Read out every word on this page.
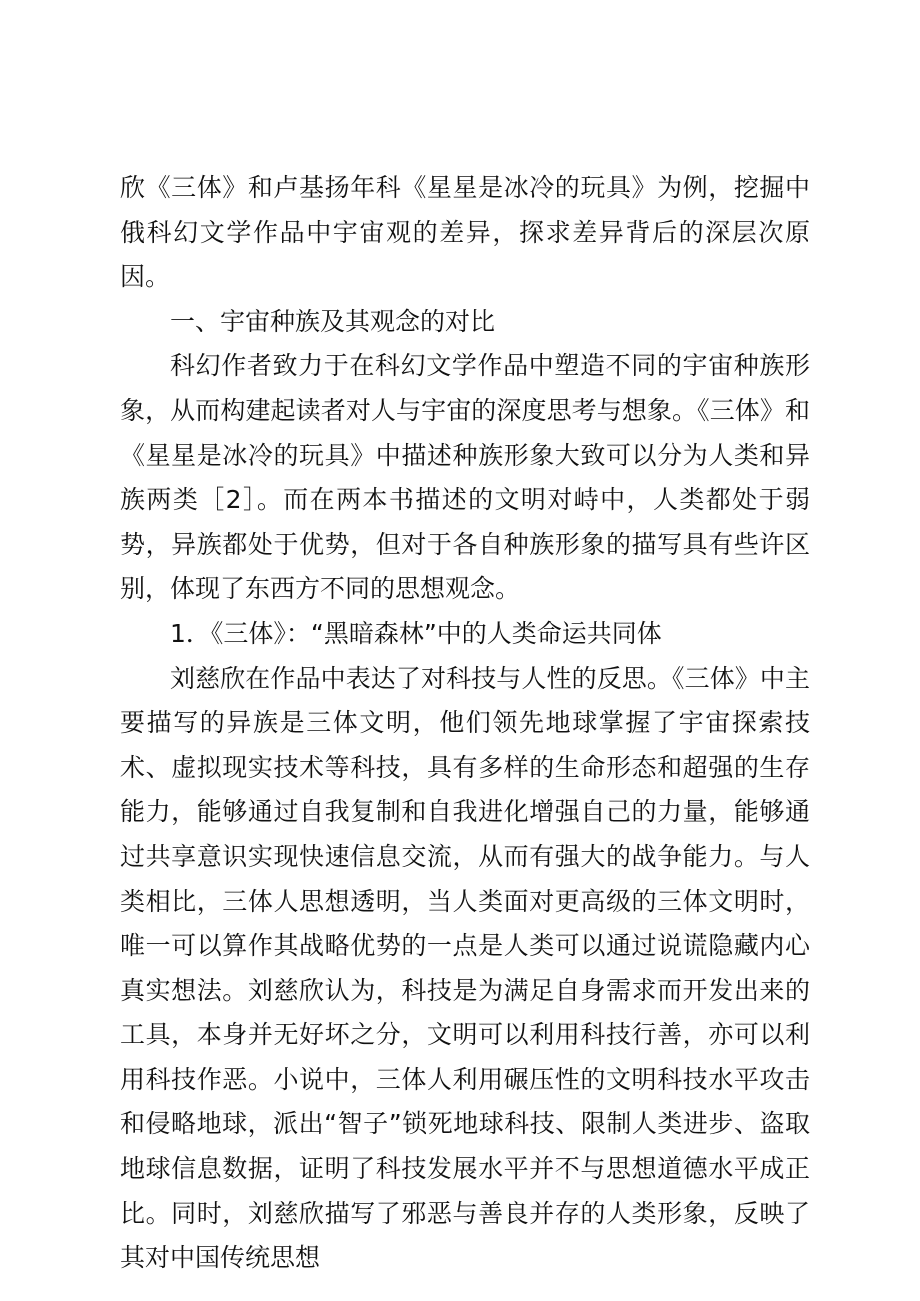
欣《三体》和卢基扬年科《星星是冰冷的玩具》为例，挖掘中俄科幻文学作品中宇宙观的差异，探求差异背后的深层次原因。

一、宇宙种族及其观念的对比

科幻作者致力于在科幻文学作品中塑造不同的宇宙种族形象，从而构建起读者对人与宇宙的深度思考与想象。《三体》和《星星是冰冷的玩具》中描述种族形象大致可以分为人类和异族两类［2］。而在两本书描述的文明对峙中，人类都处于弱势，异族都处于优势，但对于各自种族形象的描写具有些许区别，体现了东西方不同的思想观念。

1．《三体》：“黑暗森林”中的人类命运共同体

刘慈欣在作品中表达了对科技与人性的反思。《三体》中主要描写的异族是三体文明，他们领先地球掌握了宇宙探索技术、虚拟现实技术等科技，具有多样的生命形态和超强的生存能力，能够通过自我复制和自我进化增强自己的力量，能够通过共享意识实现快速信息交流，从而有强大的战争能力。与人类相比，三体人思想透明，当人类面对更高级的三体文明时，唯一可以算作其战略优势的一点是人类可以通过说谎隐藏内心真实想法。刘慈欣认为，科技是为满足自身需求而开发出来的工具，本身并无好坏之分，文明可以利用科技行善，亦可以利用科技作恶。小说中，三体人利用碾压性的文明科技水平攻击和侵略地球，派出“智子”锁死地球科技、限制人类进步、盗取地球信息数据，证明了科技发展水平并不与思想道德水平成正比。同时，刘慈欣描写了邪恶与善良并存的人类形象，反映了其对中国传统思想
